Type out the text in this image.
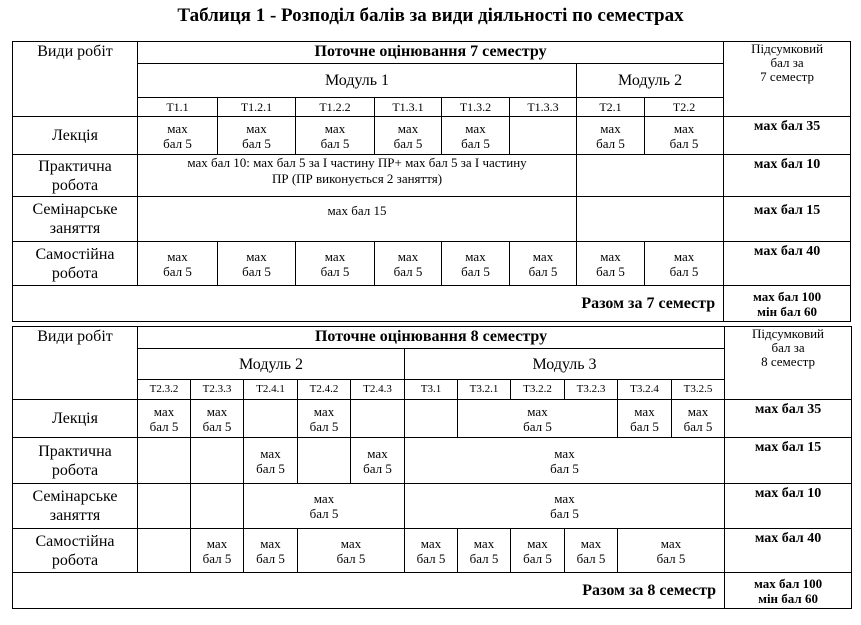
Таблиця 1 - Розподіл балів за види діяльності по семестрах
Види робіт	Поточне оцінювання 7 семестру								Підсумковий
бал за
7 семестр

	Модуль 1						Модуль 2		
	T1.1	T1.2.1	T1.2.2	T1.3.1	T1.3.2	T1.3.3	T2.1	T2.2	
Лекція	мах
бал 5	мах
бал 5	мах
бал 5	мах
бал 5	мах
бал 5		мах
бал 5	мах
бал 5	мах бал 35

Практична
робота	мах бал 10: мах бал 5 за І частину ПР+ мах бал 5 за І частину
ПР (ПР виконується 2 заняття)								мах бал 10

Семінарське
заняття	мах бал 15								мах бал 15

Самостійна
робота	мах
бал 5	мах
бал 5	мах
бал 5	мах
бал 5	мах
бал 5	мах
бал 5	мах
бал 5	мах
бал 5	мах бал 40
Разом за 7 семестр									мах бал 100
мін бал 60
Види робіт	Поточне оцінювання 8 семестру											Підсумковий
бал за
8 семестр

	Модуль 2					Модуль 3						
	T2.3.2	T2.3.3	T2.4.1	T2.4.2	T2.4.3	T3.1	T3.2.1	T3.2.2	T3.2.3	T3.2.4	T3.2.5	
Лекція	мах
бал 5	мах
бал 5		мах
бал 5			мах
бал 5			мах
бал 5	мах
бал 5	мах бал 35

Практична
робота			мах
бал 5		мах
бал 5	мах
бал 5						мах бал 15

Семінарське
заняття			мах
бал 5			мах
бал 5						мах бал 10

Самостійна
робота		мах
бал 5	мах
бал 5	мах
бал 5		мах
бал 5	мах
бал 5	мах
бал 5	мах
бал 5	мах
бал 5		мах бал 40
Разом за 8 семестр												мах бал 100
мін бал 60
